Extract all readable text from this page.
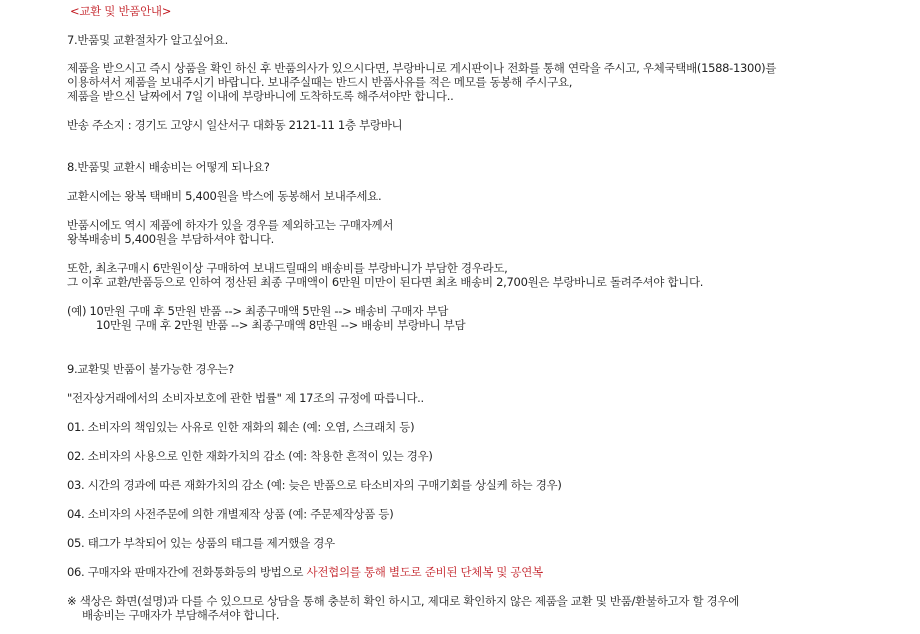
<교환 및 반품안내>
7.반품및 교환절차가 알고싶어요.
제품을 받으시고 즉시 상품을 확인 하신 후 반품의사가 있으시다면, 부랑바니로 게시판이나 전화를 통해 연락을 주시고, 우체국택배(1588-1300)를
이용하셔서 제품을 보내주시기 바랍니다. 보내주실때는 반드시 반품사유를 적은 메모를 동봉해 주시구요,
제품을 받으신 날짜에서 7일 이내에 부랑바니에 도착하도록 해주셔야만 합니다..
반송 주소지 : 경기도 고양시 일산서구 대화동 2121-11 1층 부랑바니
8.반품및 교환시 배송비는 어떻게 되나요?
교환시에는 왕복 택배비 5,400원을 박스에 동봉해서 보내주세요.
반품시에도 역시 제품에 하자가 있을 경우를 제외하고는 구매자께서
왕복배송비 5,400원을 부담하셔야 합니다.
또한, 최초구매시 6만원이상 구매하여 보내드릴때의 배송비를 부랑바니가 부담한 경우라도,
그 이후 교환/반품등으로 인하여 정산된 최종 구매액이 6만원 미만이 된다면 최초 배송비 2,700원은 부랑바니로 돌려주셔야 합니다.
(예) 10만원 구매 후 5만원 반품 --> 최종구매액 5만원 --> 배송비 구매자 부담
10만원 구매 후 2만원 반품 --> 최종구매액 8만원 --> 배송비 부랑바니 부담
9.교환및 반품이 불가능한 경우는?
"전자상거래에서의 소비자보호에 관한 법률" 제 17조의 규정에 따릅니다..
01. 소비자의 책임있는 사유로 인한 재화의 훼손 (예: 오염, 스크래치 등)
02. 소비자의 사용으로 인한 재화가치의 감소 (예: 착용한 흔적이 있는 경우)
03. 시간의 경과에 따른 재화가치의 감소 (예: 늦은 반품으로 타소비자의 구매기회를 상실케 하는 경우)
04. 소비자의 사전주문에 의한 개별제작 상품 (예: 주문제작상품 등)
05. 태그가 부착되어 있는 상품의 태그를 제거했을 경우
06. 구매자와 판매자간에 전화통화등의 방법으로 사전협의를 통해 별도로 준비된 단체복 및 공연복
※ 색상은 화면(설명)과 다를 수 있으므로 상담을 통해 충분히 확인 하시고, 제대로 확인하지 않은 제품을 교환 및 반품/환불하고자 할 경우에
배송비는 구매자가 부담해주셔야 합니다.
